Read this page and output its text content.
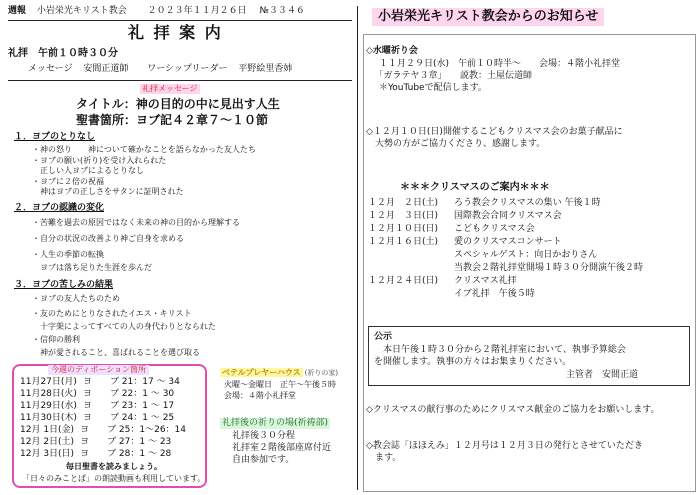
週報 小岩栄光キリスト教会 ２０２３年１１月２６日 №３３４６
礼 拝 案 内
礼拝　午前１０時３０分
メッセージ 安間正道師 ワーシップリーダー 平野絵里香姉
礼拝メッセージ
タイトル：神の目的の中に見出す人生
聖書箇所：ヨブ記４２章７～１０節
１．ヨブのとりなし
・神の怒り　　神について確かなことを語らなかった友人たち
・ヨブの願い(祈り)を受け入れられた
　正しい人ヨブによるとりなし
・ヨブに２倍の祝福
　神はヨブの正しさをサタンに証明された
２．ヨブの認識の変化
・苦難を過去の原因ではなく未来の神の目的から理解する
・自分の状況の改善より神ご自身を求める
・人生の季節の転換
　ヨブは落ち足りた生涯を歩んだ
３．ヨブの苦しみの結果
・ヨブの友人たちのため
・友のためにとりなされたイエス・キリスト
　十字架によってすべての人の身代わりとなられた
・信仰の勝利
　神が愛されること、喜ばれることを選び取る
今週のディボーション箇所
11月27日(月) ヨ　　ブ 21：17 ～ 34
11月28日(火) ヨ　　ブ 22：1 ～ 30
11月29日(水) ヨ　　ブ 23：1 ～ 17
11月30日(木) ヨ　　ブ 24：1 ～ 25
12月 1日(金) ヨ　　ブ 25：1～26：14
12月 2日(土) ヨ　　ブ 27：1 ～ 23
12月 3日(日) ヨ　　ブ 28：1 ～ 28
毎日聖書を読みましょう。
「日々のみことば」の朗読動画も利用しています。
ベテルプレヤーハウス (祈りの家)
火曜～金曜日　正午～午後５時
会場：４階小礼拝堂
礼拝後の祈りの場(祈祷部)
礼拝後３０分程
礼拝室２階後部座席付近
自由参加です。
小岩栄光キリスト教会からのお知らせ
◇水曜祈り会
　１１月２９日(水)　午前１０時半～　　会場：４階小礼拝堂
　「ガラテヤ３章」　　説教：土屋伝道師
　＊YouTubeで配信します。
◇１２月１０日(日)開催するこどもクリスマス会のお菓子献品に
　大勢の方がご協力くださり、感謝します。
＊＊＊クリスマスのご案内＊＊＊
１２月　２日(土) ろう教会クリスマスの集い 午後１時
１２月　３日(日) 国際教会合同クリスマス会
１２月１０日(日) こどもクリスマス会
１２月１６日(土) 愛のクリスマスコンサート
スペシャルゲスト：向日かおりさん
当教会２階礼拝堂開場１時３０分開演午後２時
１２月２４日(日) クリスマス礼拝
イブ礼拝　午後５時
公示
　本日午後１時３０分から２階礼拝室において、執事予算総会
を開催します。執事の方々はお集まりください。
主管者　安間正道
◇クリスマスの献行事のためにクリスマス献金のご協力をお願いします。
◇教会誌「ほほえみ」１２月号は１２月３日の発行とさせていただき
　ます。
